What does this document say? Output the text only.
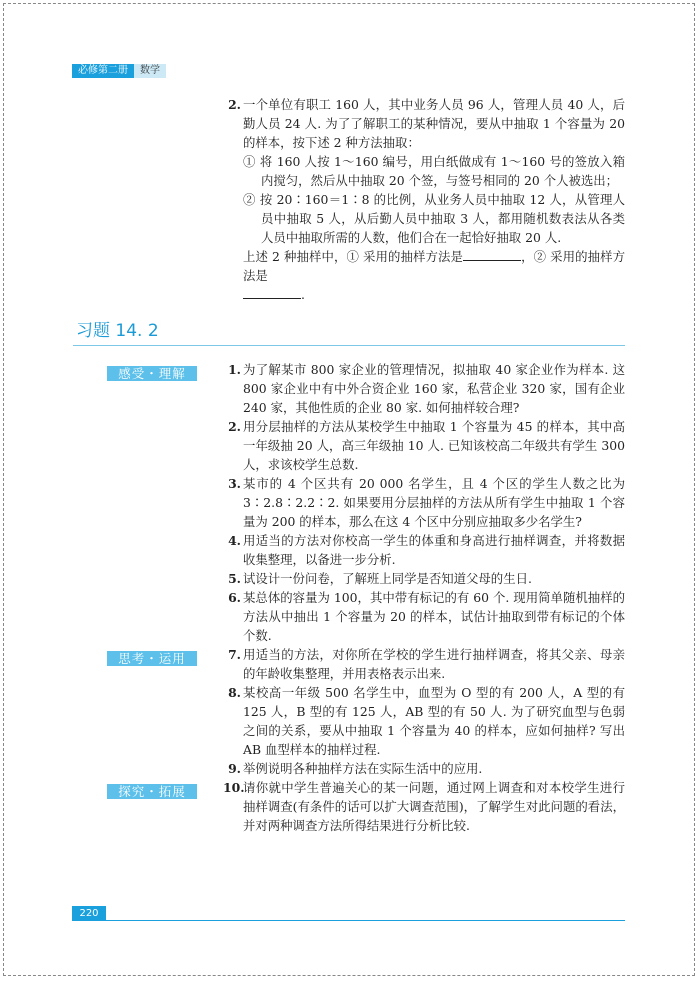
必修第二册	数学
2. 一个单位有职工 160 人，其中业务人员 96 人，管理人员 40 人，后勤人员 24 人. 为了了解职工的某种情况，要从中抽取 1 个容量为 20 的样本，按下述 2 种方法抽取：
① 将 160 人按 1～160 编号，用白纸做成有 1～160 号的签放入箱内搅匀，然后从中抽取 20 个签，与签号相同的 20 个人被选出；
② 按 20∶160＝1∶8 的比例，从业务人员中抽取 12 人，从管理人员中抽取 5 人，从后勤人员中抽取 3 人，都用随机数表法从各类人员中抽取所需的人数，他们合在一起恰好抽取 20 人.
上述 2 种抽样中，① 采用的抽样方法是	，② 采用的抽样方法是
.
习题 14. 2
感受・理解	1. 为了解某市 800 家企业的管理情况，拟抽取 40 家企业作为样本. 这800 家企业中有中外合资企业 160 家，私营企业 320 家，国有企业 240 家，其他性质的企业 80 家. 如何抽样较合理?
2. 用分层抽样的方法从某校学生中抽取 1 个容量为 45 的样本，其中高一年级抽 20 人，高三年级抽 10 人. 已知该校高二年级共有学生 300 人，求该校学生总数.
3. 某市的 4 个区共有 20 000 名学生，且 4 个区的学生人数之比为 3∶2.8∶2.2∶2. 如果要用分层抽样的方法从所有学生中抽取 1 个容量为 200 的样本，那么在这 4 个区中分别应抽取多少名学生?
4. 用适当的方法对你校高一学生的体重和身高进行抽样调查，并将数据收集整理，以备进一步分析.
5. 试设计一份问卷，了解班上同学是否知道父母的生日.
6. 某总体的容量为 100，其中带有标记的有 60 个. 现用简单随机抽样的方法从中抽出 1 个容量为 20 的样本，试估计抽取到带有标记的个体个数.
思考・运用	7. 用适当的方法，对你所在学校的学生进行抽样调查，将其父亲、母亲的年龄收集整理，并用表格表示出来.
8. 某校高一年级 500 名学生中，血型为 O 型的有 200 人，A 型的有 125 人，B 型的有 125 人，AB 型的有 50 人. 为了研究血型与色弱之间的关系，要从中抽取 1 个容量为 40 的样本，应如何抽样? 写出 AB 血型样本的抽样过程.
9. 举例说明各种抽样方法在实际生活中的应用.
探究・拓展	10.
请你就中学生普遍关心的某一问题，通过网上调查和对本校学生进行抽样调查(有条件的话可以扩大调查范围)，了解学生对此问题的看法，并对两种调查方法所得结果进行分析比较.
220
